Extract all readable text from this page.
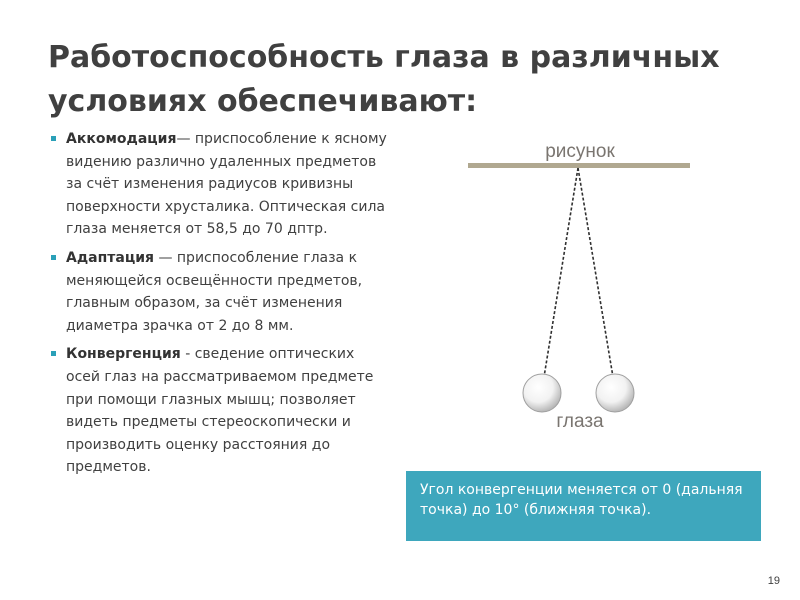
Работоспособность глаза в различных условиях обеспечивают:
Аккомодация— приспособление к ясному видению различно удаленных предметов за счёт изменения радиусов кривизны поверхности хрусталика. Оптическая сила глаза меняется от 58,5 до 70 дптр.
Адаптация — приспособление глаза к меняющейся освещённости предметов, главным образом, за счёт изменения диаметра зрачка от 2 до 8 мм.
Конвергенция - сведение оптических осей глаз на рассматриваемом предмете при помощи глазных мышц; позволяет видеть предметы стереоскопически и производить оценку расстояния до предметов.
рисунок
глаза
Угол конвергенции меняется от 0 (дальняя точка) до 10° (ближняя точка).
19
